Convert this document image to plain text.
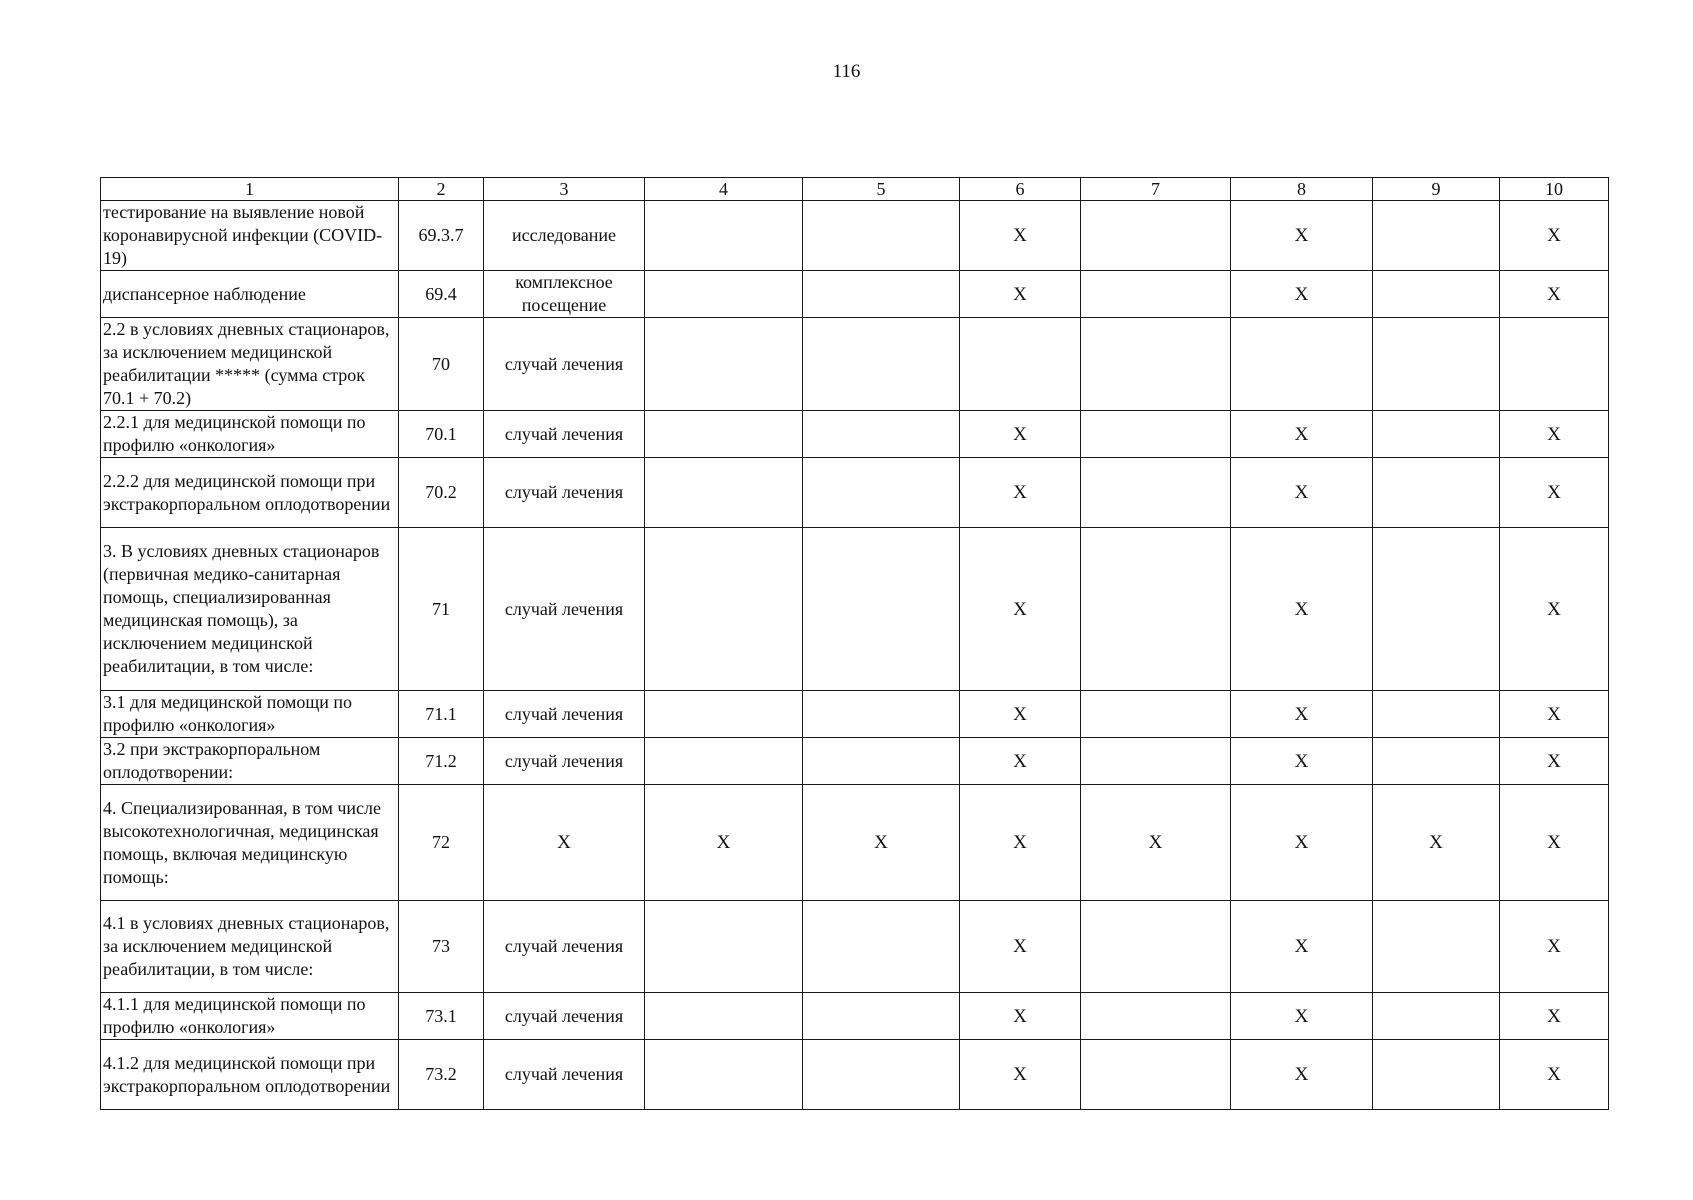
116
1	2	3	4	5	6	7	8	9	10
тестирование на выявление новой коронавирусной инфекции (COVID-19)	69.3.7	исследование			X		X		X
диспансерное наблюдение	69.4	комплексное посещение			X		X		X
2.2 в условиях дневных стационаров, за исключением медицинской реабилитации ***** (сумма строк 70.1 + 70.2)	70	случай лечения							
2.2.1 для медицинской помощи по профилю «онкология»	70.1	случай лечения			X		X		X
2.2.2 для медицинской помощи при экстракорпоральном оплодотворении	70.2	случай лечения			X		X		X
3. В условиях дневных стационаров (первичная медико-санитарная помощь, специализированная медицинская помощь), за исключением медицинской реабилитации, в том числе:	71	случай лечения			X		X		X
3.1 для медицинской помощи по профилю «онкология»	71.1	случай лечения			X		X		X
3.2 при экстракорпоральном оплодотворении:	71.2	случай лечения			X		X		X
4. Специализированная, в том числе высокотехнологичная, медицинская помощь, включая медицинскую помощь:	72	X	X	X	X	X	X	X	X
4.1 в условиях дневных стационаров, за исключением медицинской реабилитации, в том числе:	73	случай лечения			X		X		X
4.1.1 для медицинской помощи по профилю «онкология»	73.1	случай лечения			X		X		X
4.1.2 для медицинской помощи при экстракорпоральном оплодотворении	73.2	случай лечения			X		X		X
